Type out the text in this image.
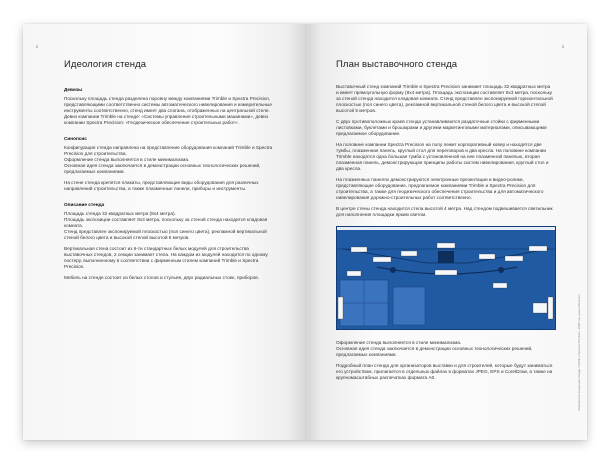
2
Идеология стенда
Девизы
Поскольку площадь стенда разделена поровну между компаниями Trimble и Spectra Precision, представляющими соответственно системы автоматического нивелирования и измерительные инструменты соответственно, стенд имеет два слогана, отображенных на центральной стеле.
Девиз компании Trimble на стенде: «Системы управления строительными машинами», девиз компании Spectra Precision: «Геодезическое обеспечение строительных работ».
Синопсис
Конфигурация стенда направлена на представление оборудования компаний Trimble и Spectra Precision для строительства.
Оформление стенда выполняется в стиле минимализма.
Основная идея стенда заключается в демонстрации основных технологических решений, предлагаемых компаниями.
На стене стенда крепятся плакаты, представляющие виды оборудования для различных направлений строительства, а также плазменные панели, приборы и инструменты.
Описание стенда
Площадь стенда 32 квадратных метра (8х4 метра).
Площадь экспозиции составляет 8х3 метра, поскольку за стеной стенда находится кладовая комната.
Стенд представлен экспонируемой плоскостью (пол синего цвета), рекламной вертикальной стеной белого цвета и высокой стелой высотой 5 метров.
Вертикальная стена состоит из 6-ти стандартных белых модулей для строительства выставочных стендов, 2 секции занимает стела. На каждом из модулей находится по одному постеру, выполненному в соответствии с фирменным стилем компаний Trimble и Spectra Precision.
Мебель на стенде состоит из белых столов и стульев, двух радиальных стоек, приборов.
3
План выставочного стенда
Выставочный стенд компаний Trimble и Spectra Precision занимает площадь 32 квадратных метра и имеет прямоугольную форму (8х4 метра). Площадь экспозиции составляет 8х3 метра, поскольку за стеной стенда находится кладовая комната. Стенд представлен экспонируемой горизонтальной плоскостью (пол синего цвета), рекламной вертикальной стеной белого цвета и высокой стелой высотой 5 метров.
С двух противоположных краев стенда устанавливаются раздаточные стойки с фирменными листовками, буклетами и брошюрами и другими маркетинговыми материалами, описывающими предлагаемое оборудование.
На половине компании Spectra Precision на полу лежит корпоративный ковер и находятся две тумбы, плазменная панель, круглый стол для переговоров и два кресла. На половине компании Trimble находятся одна большая тумба с установленной на нее плазменной панелью, вторая плазменная панель, демонстрирующая принципы работы систем нивелирования, круглый стол и два кресла.
На плазменных панелях демонстрируются электронные презентации и видео-ролики, представляющие оборудование, предлагаемое компаниями Trimble и Spectra Precision для строительства, а также для геодезического обеспечения строительства и для автоматического нивелирования дорожно-строительных работ соответственно.
В центре стены стенда находится стела высотой 4 метра. Над стендом подвешивается светильник для наполнения площадки ярким светом.
Оформление стенда выполняется в стиле минимализма.
Основная идея стенда заключается в демонстрации основных технологических решений, предлагаемых компаниями.
Подробный план стенда для организаторов выставки и для строителей, которые будут заниматься его устройством, прилагается в отдельных файлах в форматах JPEG, EPS и CorelDraw, а также на крупномасштабных распечатках формата А0.	Разработка концепции стенда Trimble и Spectra Precision, 2008 год. www.artbrand.ru
